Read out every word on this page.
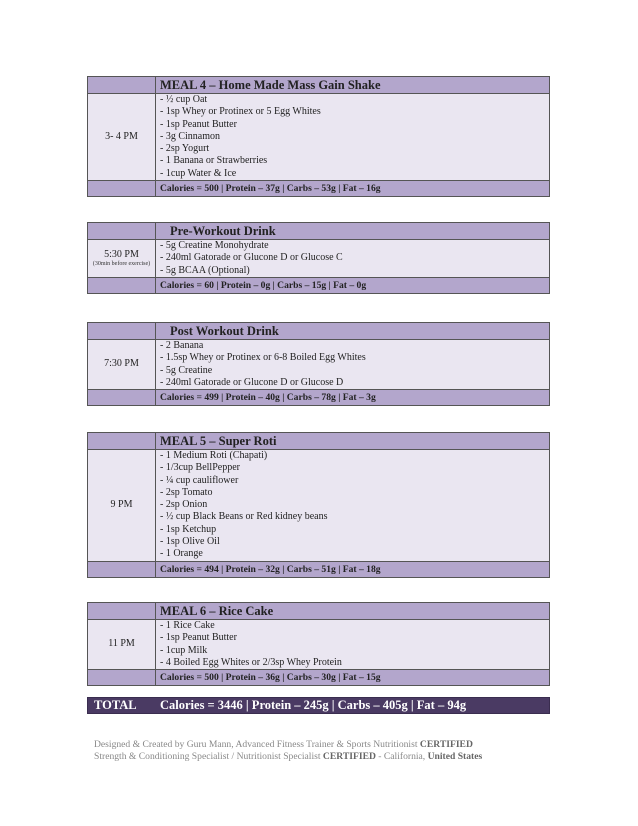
MEAL 4 – Home Made Mass Gain Shake
3- 4 PM
- ½ cup Oat
- 1sp Whey or Protinex or 5 Egg Whites
- 1sp Peanut Butter
- 3g Cinnamon
- 2sp Yogurt
- 1 Banana or Strawberries
- 1cup Water & Ice
Calories = 500 | Protein – 37g | Carbs – 53g | Fat – 16g
Pre-Workout Drink
5:30 PM
(30min before exercise)
- 5g Creatine Monohydrate
- 240ml Gatorade or Glucone D or Glucose C
- 5g BCAA (Optional)
Calories = 60 | Protein – 0g | Carbs – 15g | Fat – 0g
Post Workout Drink
7:30 PM
- 2 Banana
- 1.5sp Whey or Protinex or 6-8 Boiled Egg Whites
- 5g Creatine
- 240ml Gatorade or Glucone D or Glucose D
Calories = 499 | Protein – 40g | Carbs – 78g | Fat – 3g
MEAL 5 – Super Roti
9 PM
- 1 Medium Roti (Chapati)
- 1/3cup BellPepper
- ¼ cup cauliflower
- 2sp Tomato
- 2sp Onion
- ½ cup Black Beans or Red kidney beans
- 1sp Ketchup
- 1sp Olive Oil
- 1 Orange
Calories = 494 | Protein – 32g | Carbs – 51g | Fat – 18g
MEAL 6 – Rice Cake
11 PM
- 1 Rice Cake
- 1sp Peanut Butter
- 1cup Milk
- 4 Boiled Egg Whites or 2/3sp Whey Protein
Calories = 500 | Protein – 36g | Carbs – 30g | Fat – 15g
TOTAL	Calories = 3446 | Protein – 245g | Carbs – 405g | Fat – 94g
Designed & Created by Guru Mann, Advanced Fitness Trainer & Sports Nutritionist CERTIFIED
Strength & Conditioning Specialist / Nutritionist Specialist CERTIFIED - California, United States
